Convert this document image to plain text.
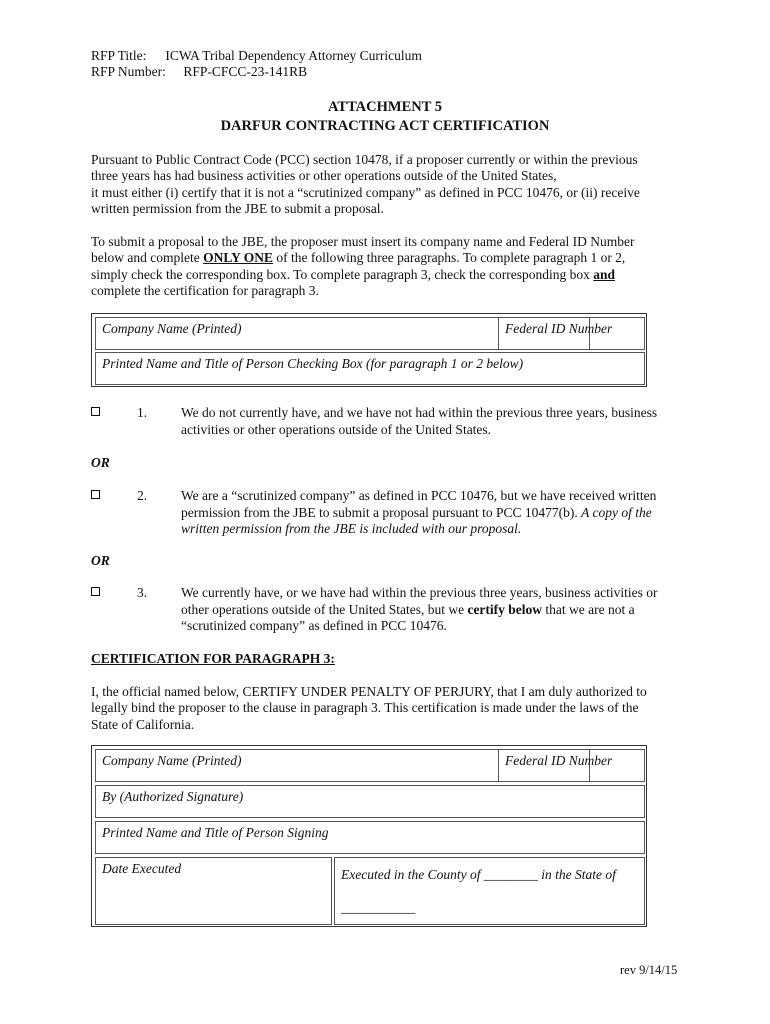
RFP Title: ICWA Tribal Dependency Attorney Curriculum
RFP Number: RFP-CFCC-23-141RB
ATTACHMENT 5
DARFUR CONTRACTING ACT CERTIFICATION

Pursuant to Public Contract Code (PCC) section 10478, if a proposer currently or within the previous

three years has had business activities or other operations outside of the United States,

it must either (i) certify that it is not a “scrutinized company” as defined in PCC 10476, or (ii) receive

written permission from the JBE to submit a proposal.

To submit a proposal to the JBE, the proposer must insert its company name and Federal ID Number

below and complete ONLY ONE of the following three paragraphs. To complete paragraph 1 or 2,

simply check the corresponding box. To complete paragraph 3, check the corresponding box and

complete the certification for paragraph 3.

Company Name (Printed)	Federal ID Number
Printed Name and Title of Person Checking Box (for paragraph 1 or 2 below)
1.	We do not currently have, and we have not had within the previous three years, business
activities or other operations outside of the United States.
OR
2.	We are a “scrutinized company” as defined in PCC 10476, but we have received written
permission from the JBE to submit a proposal pursuant to PCC 10477(b). A copy of the
written permission from the JBE is included with our proposal.
OR
3.	We currently have, or we have had within the previous three years, business activities or
other operations outside of the United States, but we certify below that we are not a
“scrutinized company” as defined in PCC 10476.
CERTIFICATION FOR PARAGRAPH 3:

I, the official named below, CERTIFY UNDER PENALTY OF PERJURY, that I am duly authorized to

legally bind the proposer to the clause in paragraph 3. This certification is made under the laws of the

State of California.

Company Name (Printed)	Federal ID Number
By (Authorized Signature)
Printed Name and Title of Person Signing
Date Executed	Executed in the County of ________ in the State of
___________
rev 9/14/15
